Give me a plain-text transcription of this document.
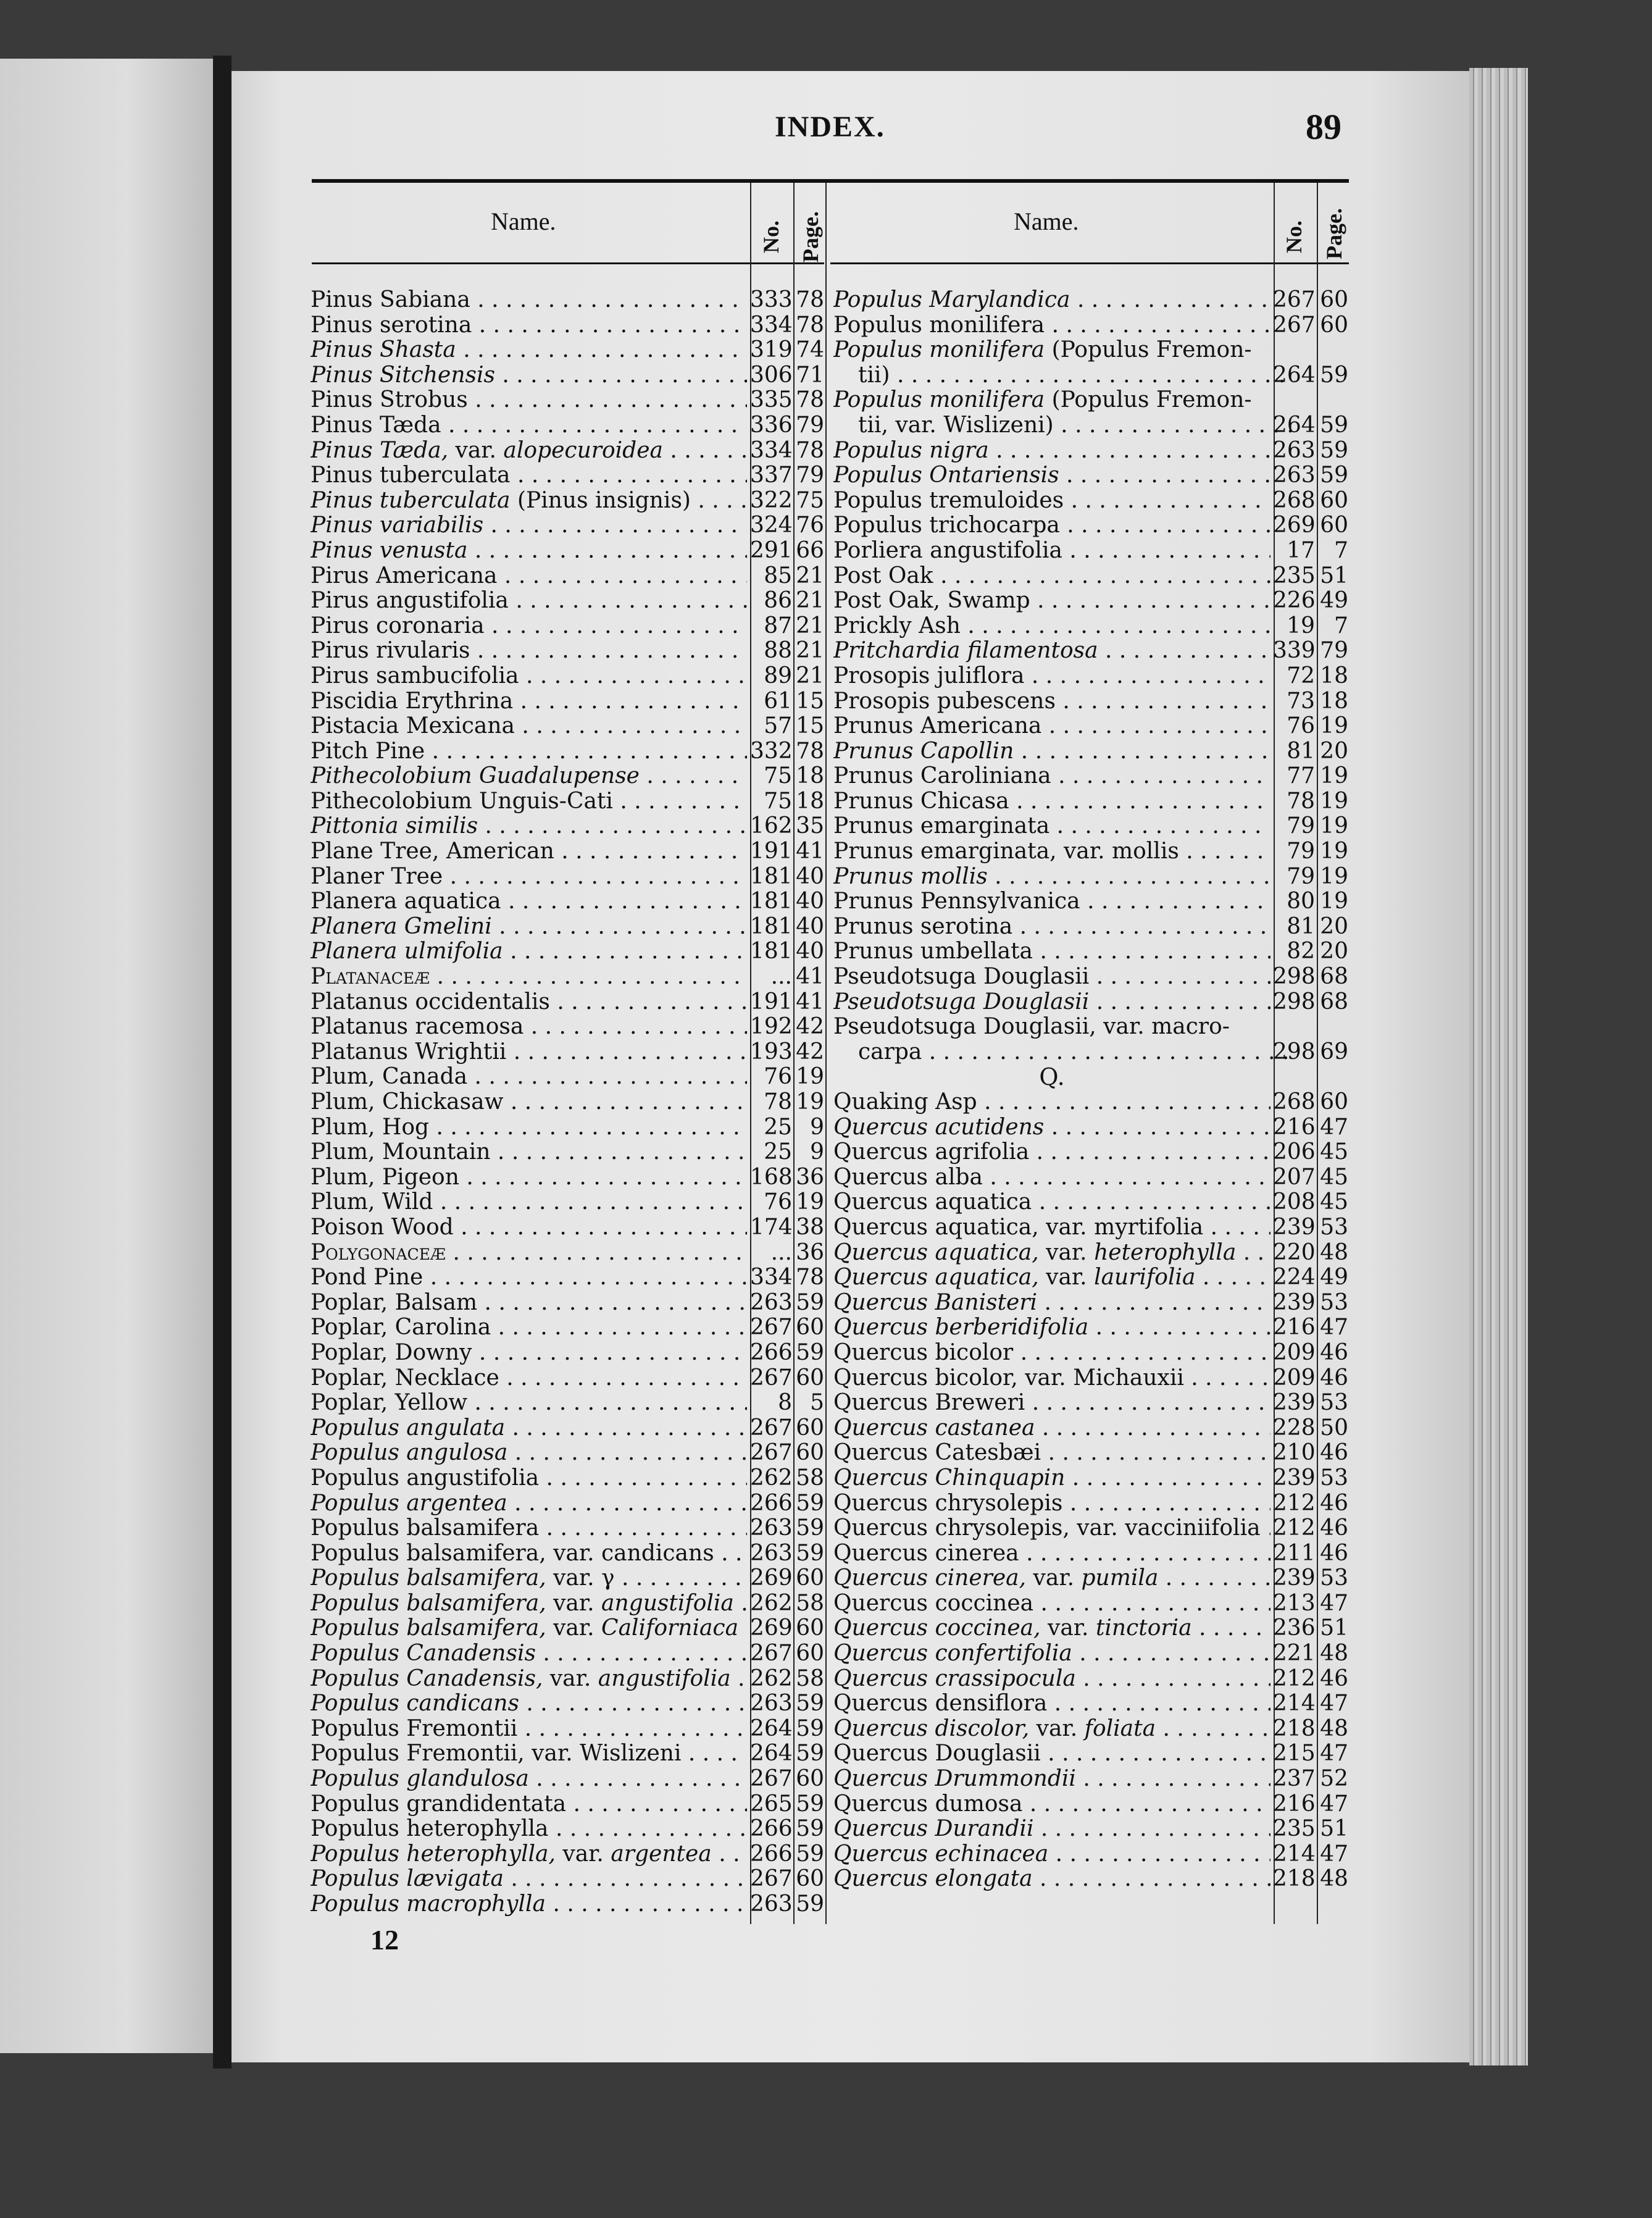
INDEX.	89
Name.	No. Page.	Name.	No. Page.
Pinus Sabiana . . .	333 78
Pinus serotina . . .	334 78
Pinus Shasta . . .	319 74
Pinus Sitchensis . . .	306 71
Pinus Strobus . . .	335 78
Pinus Tæda . . .	336 79
Pinus Tæda, var. alopecuroidea . . .	334 78
Pinus tuberculata . . .	337 79
Pinus tuberculata (Pinus insignis) . . .	322 75
Pinus variabilis . . .	324 76
Pinus venusta . . .	291 66
Pirus Americana . . .	85 21
Pirus angustifolia . . .	86 21
Pirus coronaria . . .	87 21
Pirus rivularis . . .	88 21
Pirus sambucifolia . . .	89 21
Piscidia Erythrina . . .	61 15
Pistacia Mexicana . . .	57 15
Pitch Pine . . .	332 78
Pithecolobium Guadalupense . . .	75 18
Pithecolobium Unguis-Cati . . .	75 18
Pittonia similis . . .	162 35
Plane Tree, American . . .	191 41
Planer Tree . . .	181 40
Planera aquatica . . .	181 40
Planera Gmelini . . .	181 40
Planera ulmifolia . . .	181 40
Platanaceæ . . .	... 41
Platanus occidentalis . . .	191 41
Platanus racemosa . . .	192 42
Platanus Wrightii . . .	193 42
Plum, Canada . . .	76 19
Plum, Chickasaw . . .	78 19
Plum, Hog . . .	25 9
Plum, Mountain . . .	25 9
Plum, Pigeon . . .	168 36
Plum, Wild . . .	76 19
Poison Wood . . .	174 38
Polygonaceæ . . .	... 36
Pond Pine . . .	334 78
Poplar, Balsam . . .	263 59
Poplar, Carolina . . .	267 60
Poplar, Downy . . .	266 59
Poplar, Necklace . . .	267 60
Poplar, Yellow . . .	8 5
Populus angulata . . .	267 60
Populus angulosa . . .	267 60
Populus angustifolia . . .	262 58
Populus argentea . . .	266 59
Populus balsamifera . . .	263 59
Populus balsamifera, var. candicans . . .	263 59
Populus balsamifera, var. γ . . .	269 60
Populus balsamifera, var. angustifolia . . . 262 58
Populus balsamifera, var. Californiaca . . . 269 60
Populus Canadensis . . .	267 60
Populus Canadensis, var. angustifolia . . . 262 58
Populus candicans . . .	263 59
Populus Fremontii . . .	264 59
Populus Fremontii, var. Wislizeni . . .	264 59
Populus glandulosa . . .	267 60
Populus grandidentata . . .	265 59
Populus heterophylla . . .	266 59
Populus heterophylla, var. argentea . . .	266 59
Populus lævigata . . .	267 60
Populus macrophylla . . .	263 59
Populus Marylandica . . .	267 60
Populus monilifera . . .	267 60
Populus monilifera (Populus Fremon-
tii) . . .	264 59
Populus monilifera (Populus Fremon-
tii, var. Wislizeni) . . .	264 59
Populus nigra . . .	263 59
Populus Ontariensis . . .	263 59
Populus tremuloides . . .	268 60
Populus trichocarpa . . .	269 60
Porliera angustifolia . . .	17 7
Post Oak . . .	235 51
Post Oak, Swamp . . .	226 49
Prickly Ash . . .	19 7
Pritchardia filamentosa . . .	339 79
Prosopis juliflora . . .	72 18
Prosopis pubescens . . .	73 18
Prunus Americana . . .	76 19
Prunus Capollin . . .	81 20
Prunus Caroliniana . . .	77 19
Prunus Chicasa . . .	78 19
Prunus emarginata . . .	79 19
Prunus emarginata, var. mollis . . .	79 19
Prunus mollis . . .	79 19
Prunus Pennsylvanica . . .	80 19
Prunus serotina . . .	81 20
Prunus umbellata . . .	82 20
Pseudotsuga Douglasii . . .	298 68
Pseudotsuga Douglasii . . .	298 68
Pseudotsuga Douglasii, var. macro-
carpa . . .	298 69
Q.
Quaking Asp . . .	268 60
Quercus acutidens . . .	216 47
Quercus agrifolia . . .	206 45
Quercus alba . . .	207 45
Quercus aquatica . . .	208 45
Quercus aquatica, var. myrtifolia . . .	239 53
Quercus aquatica, var. heterophylla . . .	220 48
Quercus aquatica, var. laurifolia . . .	224 49
Quercus Banisteri . . .	239 53
Quercus berberidifolia . . .	216 47
Quercus bicolor . . .	209 46
Quercus bicolor, var. Michauxii . . .	209 46
Quercus Breweri . . .	239 53
Quercus castanea . . .	228 50
Quercus Catesbæi . . .	210 46
Quercus Chinquapin . . .	239 53
Quercus chrysolepis . . .	212 46
Quercus chrysolepis, var. vacciniifolia . . . 212 46
Quercus cinerea . . .	211 46
Quercus cinerea, var. pumila . . .	239 53
Quercus coccinea . . .	213 47
Quercus coccinea, var. tinctoria . . .	236 51
Quercus confertifolia . . .	221 48
Quercus crassipocula . . .	212 46
Quercus densiflora . . .	214 47
Quercus discolor, var. foliata . . .	218 48
Quercus Douglasii . . .	215 47
Quercus Drummondii . . .	237 52
Quercus dumosa . . .	216 47
Quercus Durandii . . .	235 51
Quercus echinacea . . .	214 47
Quercus elongata . . .	218 48
12
